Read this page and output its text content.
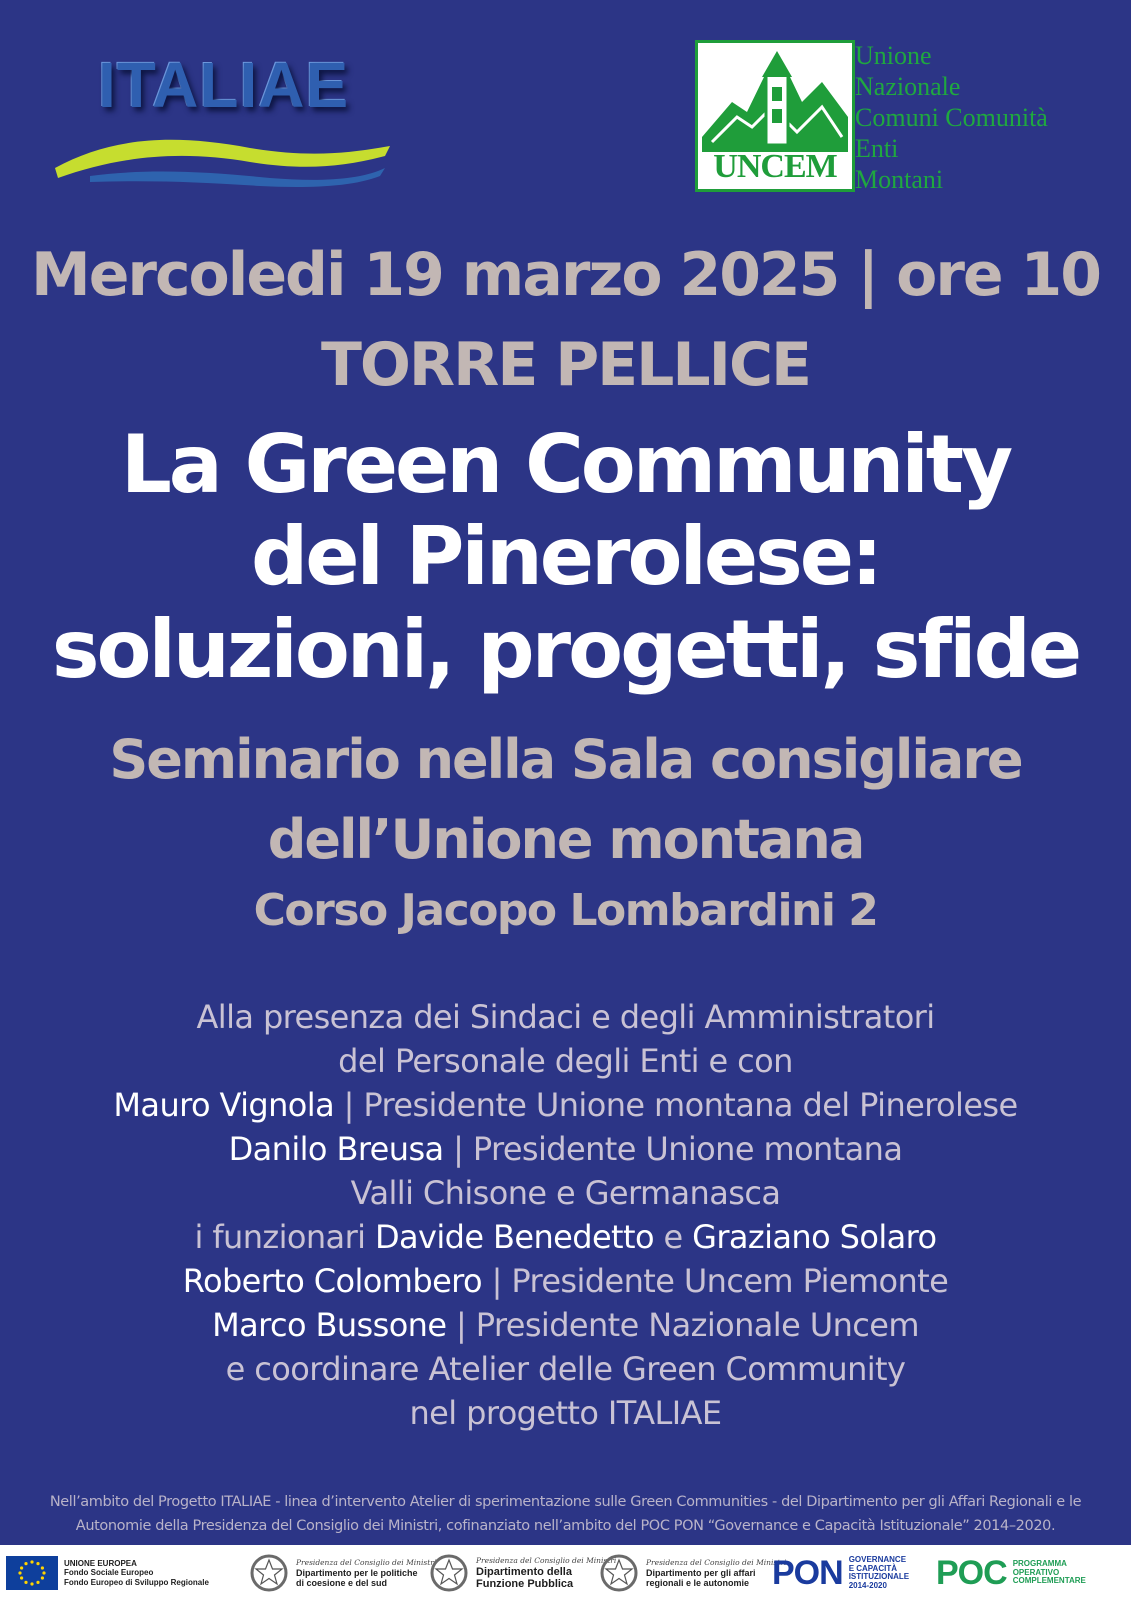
ITALIAE
UNCEM
Unione
Nazionale
Comuni Comunità
Enti
Montani
Mercoledi 19 marzo 2025 | ore 10
TORRE PELLICE
La Green Community
del Pinerolese:
soluzioni, progetti, sfide
Seminario nella Sala consigliare
dell’Unione montana
Corso Jacopo Lombardini 2
Alla presenza dei Sindaci e degli Amministratori
del Personale degli Enti e con
Mauro Vignola | Presidente Unione montana del Pinerolese
Danilo Breusa | Presidente Unione montana
Valli Chisone e Germanasca
i funzionari Davide Benedetto e Graziano Solaro
Roberto Colombero | Presidente Uncem Piemonte
Marco Bussone | Presidente Nazionale Uncem
e coordinare Atelier delle Green Community
nel progetto ITALIAE
Nell’ambito del Progetto ITALIAE - linea d’intervento Atelier di sperimentazione sulle Green Communities - del Dipartimento per gli Affari Regionali e le
Autonomie della Presidenza del Consiglio dei Ministri, cofinanziato nell’ambito del POC PON “Governance e Capacità Istituzionale” 2014–2020.
UNIONE EUROPEA
Fondo Sociale Europeo
Fondo Europeo di Sviluppo Regionale
Presidenza del Consiglio dei Ministri
Dipartimento per le politiche
di coesione e del sud
Presidenza del Consiglio dei Ministri
Dipartimento della
Funzione Pubblica
Presidenza del Consiglio dei Ministri
Dipartimento per gli affari
regionali e le autonomie PON GOVERNANCE
E CAPACITÀ
ISTITUZIONALE
2014-2020	POC PROGRAMMA
OPERATIVO
COMPLEMENTARE
